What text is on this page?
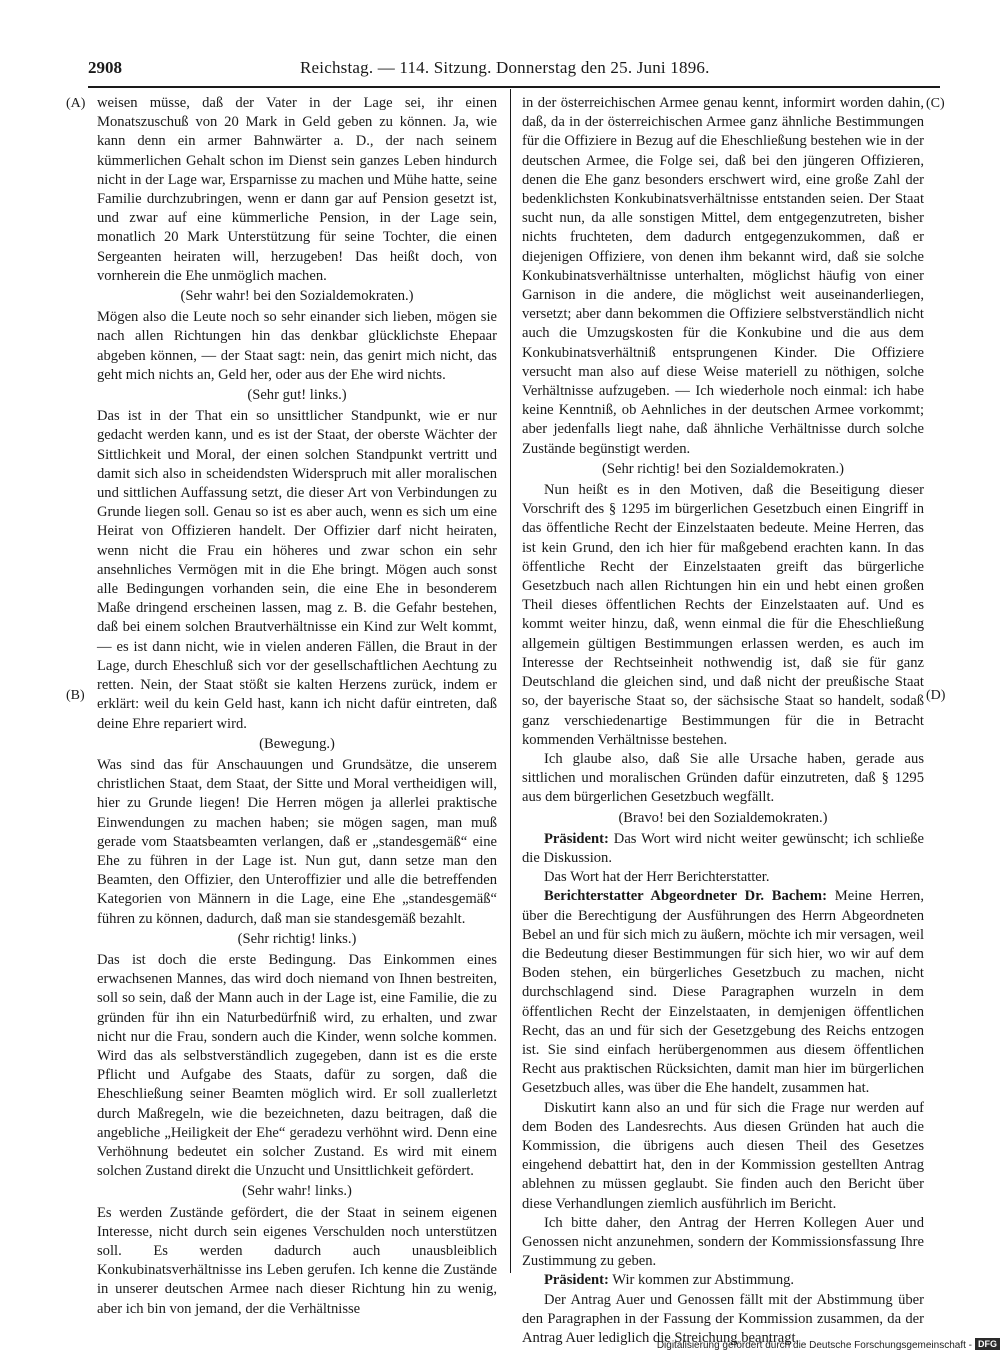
2908	Reichstag. — 114. Sitzung. Donnerstag den 25. Juni 1896.
(A)
(B)
(C)
(D)

weisen müsse, daß der Vater in der Lage sei, ihr einen Monatszuschuß von 20 Mark in Geld geben zu können. Ja, wie kann denn ein armer Bahnwärter a. D., der nach seinem kümmerlichen Gehalt schon im Dienst sein ganzes Leben hindurch nicht in der Lage war, Ersparnisse zu machen und Mühe hatte, seine Familie durchzubringen, wenn er dann gar auf Pension gesetzt ist, und zwar auf eine kümmerliche Pension, in der Lage sein, monatlich 20 Mark Unterstützung für seine Tochter, die einen Sergeanten heiraten will, herzugeben! Das heißt doch, von vornherein die Ehe unmöglich machen.

(Sehr wahr! bei den Sozialdemokraten.)

Mögen also die Leute noch so sehr einander sich lieben, mögen sie nach allen Richtungen hin das denkbar glücklichste Ehepaar abgeben können, — der Staat sagt: nein, das genirt mich nicht, das geht mich nichts an, Geld her, oder aus der Ehe wird nichts.

(Sehr gut! links.)

Das ist in der That ein so unsittlicher Standpunkt, wie er nur gedacht werden kann, und es ist der Staat, der oberste Wächter der Sittlichkeit und Moral, der einen solchen Standpunkt vertritt und damit sich also in scheidendsten Widerspruch mit aller moralischen und sittlichen Auffassung setzt, die dieser Art von Verbindungen zu Grunde liegen soll. Genau so ist es aber auch, wenn es sich um eine Heirat von Offizieren handelt. Der Offizier darf nicht heiraten, wenn nicht die Frau ein höheres und zwar schon ein sehr ansehnliches Vermögen mit in die Ehe bringt. Mögen auch sonst alle Bedingungen vorhanden sein, die eine Ehe in besonderem Maße dringend erscheinen lassen, mag z. B. die Gefahr bestehen, daß bei einem solchen Brautverhältnisse ein Kind zur Welt kommt, — es ist dann nicht, wie in vielen anderen Fällen, die Braut in der Lage, durch Eheschluß sich vor der gesellschaftlichen Aechtung zu retten. Nein, der Staat stößt sie kalten Herzens zurück, indem er erklärt: weil du kein Geld hast, kann ich nicht dafür eintreten, daß deine Ehre repariert wird.

(Bewegung.)

Was sind das für Anschauungen und Grundsätze, die unserem christlichen Staat, dem Staat, der Sitte und Moral vertheidigen will, hier zu Grunde liegen! Die Herren mögen ja allerlei praktische Einwendungen zu machen haben; sie mögen sagen, man muß gerade vom Staatsbeamten verlangen, daß er „standesgemäß“ eine Ehe zu führen in der Lage ist. Nun gut, dann setze man den Beamten, den Offizier, den Unteroffizier und alle die betreffenden Kategorien von Männern in die Lage, eine Ehe „standesgemäß“ führen zu können, dadurch, daß man sie standesgemäß bezahlt.

(Sehr richtig! links.)

Das ist doch die erste Bedingung. Das Einkommen eines erwachsenen Mannes, das wird doch niemand von Ihnen bestreiten, soll so sein, daß der Mann auch in der Lage ist, eine Familie, die zu gründen für ihn ein Naturbedürfniß wird, zu erhalten, und zwar nicht nur die Frau, sondern auch die Kinder, wenn solche kommen. Wird das als selbstverständlich zugegeben, dann ist es die erste Pflicht und Aufgabe des Staats, dafür zu sorgen, daß die Eheschließung seiner Beamten möglich wird. Er soll zuallerletzt durch Maßregeln, wie die bezeichneten, dazu beitragen, daß die angebliche „Heiligkeit der Ehe“ geradezu verhöhnt wird. Denn eine Verhöhnung bedeutet ein solcher Zustand. Es wird mit einem solchen Zustand direkt die Unzucht und Unsittlichkeit gefördert.

(Sehr wahr! links.)

Es werden Zustände gefördert, die der Staat in seinem eigenen Interesse, nicht durch sein eigenes Verschulden noch unterstützen soll. Es werden dadurch auch unausbleiblich Konkubinatsverhältnisse ins Leben gerufen. Ich kenne die Zustände in unserer deutschen Armee nach dieser Richtung hin zu wenig, aber ich bin von jemand, der die Verhältnisse

in der österreichischen Armee genau kennt, informirt worden dahin, daß, da in der österreichischen Armee ganz ähnliche Bestimmungen für die Offiziere in Bezug auf die Eheschließung bestehen wie in der deutschen Armee, die Folge sei, daß bei den jüngeren Offizieren, denen die Ehe ganz besonders erschwert wird, eine große Zahl der bedenklichsten Konkubinatsverhältnisse entstanden seien. Der Staat sucht nun, da alle sonstigen Mittel, dem entgegenzutreten, bisher nichts fruchteten, dem dadurch entgegenzukommen, daß er diejenigen Offiziere, von denen ihm bekannt wird, daß sie solche Konkubinatsverhältnisse unterhalten, möglichst häufig von einer Garnison in die andere, die möglichst weit auseinanderliegen, versetzt; aber dann bekommen die Offiziere selbstverständlich nicht auch die Umzugskosten für die Konkubine und die aus dem Konkubinatsverhältniß entsprungenen Kinder. Die Offiziere versucht man also auf diese Weise materiell zu nöthigen, solche Verhältnisse aufzugeben. — Ich wiederhole noch einmal: ich habe keine Kenntniß, ob Aehnliches in der deutschen Armee vorkommt; aber jedenfalls liegt nahe, daß ähnliche Verhältnisse durch solche Zustände begünstigt werden.

(Sehr richtig! bei den Sozialdemokraten.)

Nun heißt es in den Motiven, daß die Beseitigung dieser Vorschrift des § 1295 im bürgerlichen Gesetzbuch einen Eingriff in das öffentliche Recht der Einzelstaaten bedeute. Meine Herren, das ist kein Grund, den ich hier für maßgebend erachten kann. In das öffentliche Recht der Einzelstaaten greift das bürgerliche Gesetzbuch nach allen Richtungen hin ein und hebt einen großen Theil dieses öffentlichen Rechts der Einzelstaaten auf. Und es kommt weiter hinzu, daß, wenn einmal die für die Eheschließung allgemein gültigen Bestimmungen erlassen werden, es auch im Interesse der Rechtseinheit nothwendig ist, daß sie für ganz Deutschland die gleichen sind, und daß nicht der preußische Staat so, der bayerische Staat so, der sächsische Staat so handelt, sodaß ganz verschiedenartige Bestimmungen für die in Betracht kommenden Verhältnisse bestehen.

Ich glaube also, daß Sie alle Ursache haben, gerade aus sittlichen und moralischen Gründen dafür einzutreten, daß § 1295 aus dem bürgerlichen Gesetzbuch wegfällt.

(Bravo! bei den Sozialdemokraten.)

Präsident: Das Wort wird nicht weiter gewünscht; ich schließe die Diskussion.

Das Wort hat der Herr Berichterstatter.

Berichterstatter Abgeordneter Dr. Bachem: Meine Herren, über die Berechtigung der Ausführungen des Herrn Abgeordneten Bebel an und für sich mich zu äußern, möchte ich mir versagen, weil die Bedeutung dieser Bestimmungen für sich hier, wo wir auf dem Boden stehen, ein bürgerliches Gesetzbuch zu machen, nicht durchschlagend sind. Diese Paragraphen wurzeln in dem öffentlichen Recht der Einzelstaaten, in demjenigen öffentlichen Recht, das an und für sich der Gesetzgebung des Reichs entzogen ist. Sie sind einfach herübergenommen aus diesem öffentlichen Recht aus praktischen Rücksichten, damit man hier im bürgerlichen Gesetzbuch alles, was über die Ehe handelt, zusammen hat.

Diskutirt kann also an und für sich die Frage nur werden auf dem Boden des Landesrechts. Aus diesen Gründen hat auch die Kommission, die übrigens auch diesen Theil des Gesetzes eingehend debattirt hat, den in der Kommission gestellten Antrag ablehnen zu müssen geglaubt. Sie finden auch den Bericht über diese Verhandlungen ziemlich ausführlich im Bericht.

Ich bitte daher, den Antrag der Herren Kollegen Auer und Genossen nicht anzunehmen, sondern der Kommissionsfassung Ihre Zustimmung zu geben.

Präsident: Wir kommen zur Abstimmung.

Der Antrag Auer und Genossen fällt mit der Abstimmung über den Paragraphen in der Fassung der Kommission zusammen, da der Antrag Auer lediglich die Streichung beantragt.

Digitalisierung gefördert durch die Deutsche Forschungsgemeinschaft - DFG
